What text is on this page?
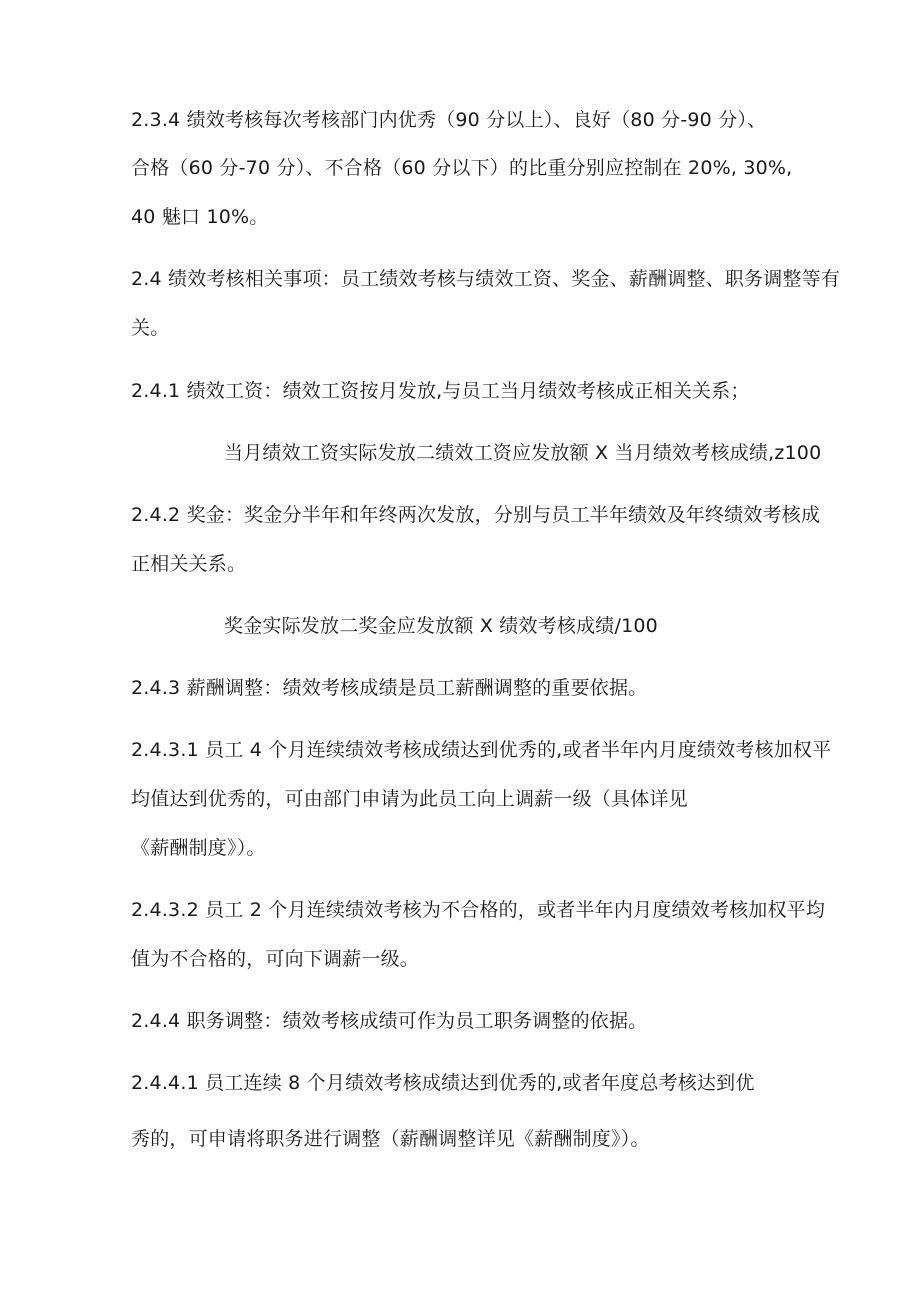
2.3.4 绩效考核每次考核部门内优秀（90 分以上）、良好（80 分-90 分）、
合格（60 分-70 分）、不合格（60 分以下）的比重分别应控制在 20%, 30%,
40 魅口 10%。
2.4 绩效考核相关事项：员工绩效考核与绩效工资、奖金、薪酬调整、职务调整等有
关。
2.4.1 绩效工资：绩效工资按月发放,与员工当月绩效考核成正相关关系；
当月绩效工资实际发放二绩效工资应发放额 X 当月绩效考核成绩,z100
2.4.2 奖金：奖金分半年和年终两次发放，分别与员工半年绩效及年终绩效考核成
正相关关系。
奖金实际发放二奖金应发放额 X 绩效考核成绩/100
2.4.3 薪酬调整：绩效考核成绩是员工薪酬调整的重要依据。
2.4.3.1 员工 4 个月连续绩效考核成绩达到优秀的,或者半年内月度绩效考核加权平
均值达到优秀的，可由部门申请为此员工向上调薪一级（具体详见
《薪酬制度》）。
2.4.3.2 员工 2 个月连续绩效考核为不合格的，或者半年内月度绩效考核加权平均
值为不合格的，可向下调薪一级。
2.4.4 职务调整：绩效考核成绩可作为员工职务调整的依据。
2.4.4.1 员工连续 8 个月绩效考核成绩达到优秀的,或者年度总考核达到优
秀的，可申请将职务进行调整（薪酬调整详见《薪酬制度》）。
